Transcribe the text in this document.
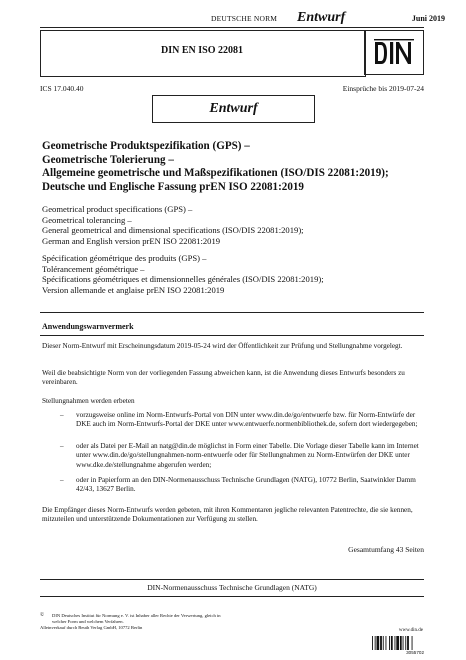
DEUTSCHE NORM Entwurf	Juni 2019
DIN EN ISO 22081
ICS 17.040.40	Einsprüche bis 2019-07-24
Entwurf
Geometrische Produktspezifikation (GPS) –
Geometrische Tolerierung –
Allgemeine geometrische und Maßspezifikationen (ISO/DIS 22081:2019);
Deutsche und Englische Fassung prEN ISO 22081:2019
Geometrical product specifications (GPS) –
Geometrical tolerancing –
General geometrical and dimensional specifications (ISO/DIS 22081:2019);
German and English version prEN ISO 22081:2019
Spécification géométrique des produits (GPS) –
Tolérancement géométrique –
Spécifications géométriques et dimensionnelles générales (ISO/DIS 22081:2019);
Version allemande et anglaise prEN ISO 22081:2019
Anwendungswarnvermerk
Dieser Norm-Entwurf mit Erscheinungsdatum 2019-05-24 wird der Öffentlichkeit zur Prüfung und Stellungnahme vorgelegt.
Weil die beabsichtigte Norm von der vorliegenden Fassung abweichen kann, ist die Anwendung dieses Entwurfs besonders zu vereinbaren.
Stellungnahmen werden erbeten
– vorzugsweise online im Norm-Entwurfs-Portal von DIN unter www.din.de/go/entwuerfe bzw. für Norm-Entwürfe der DKE auch im Norm-Entwurfs-Portal der DKE unter www.entwuerfe.normenbibliothek.de, sofern dort wiedergegeben;
– oder als Datei per E-Mail an natg@din.de möglichst in Form einer Tabelle. Die Vorlage dieser Tabelle kann im Internet unter www.din.de/go/stellungnahmen-norm-entwuerfe oder für Stellungnahmen zu Norm-Entwürfen der DKE unter www.dke.de/stellungnahme abgerufen werden;
– oder in Papierform an den DIN-Normenausschuss Technische Grundlagen (NATG), 10772 Berlin, Saatwinkler Damm 42/43, 13627 Berlin.
Die Empfänger dieses Norm-Entwurfs werden gebeten, mit ihren Kommentaren jegliche relevanten Patentrechte, die sie kennen, mitzuteilen und unterstützende Dokumentationen zur Verfügung zu stellen.
Gesamtumfang 43 Seiten
DIN-Normenausschuss Technische Grundlagen (NATG)
©	DIN Deutsches Institut für Normung e. V. ist Inhaber aller Rechte der Verwertung, gleich in
welcher Form und welchem Verfahren.
Alleinverkauf durch Beuth Verlag GmbH, 10772 Berlin
www.din.de
3055702
